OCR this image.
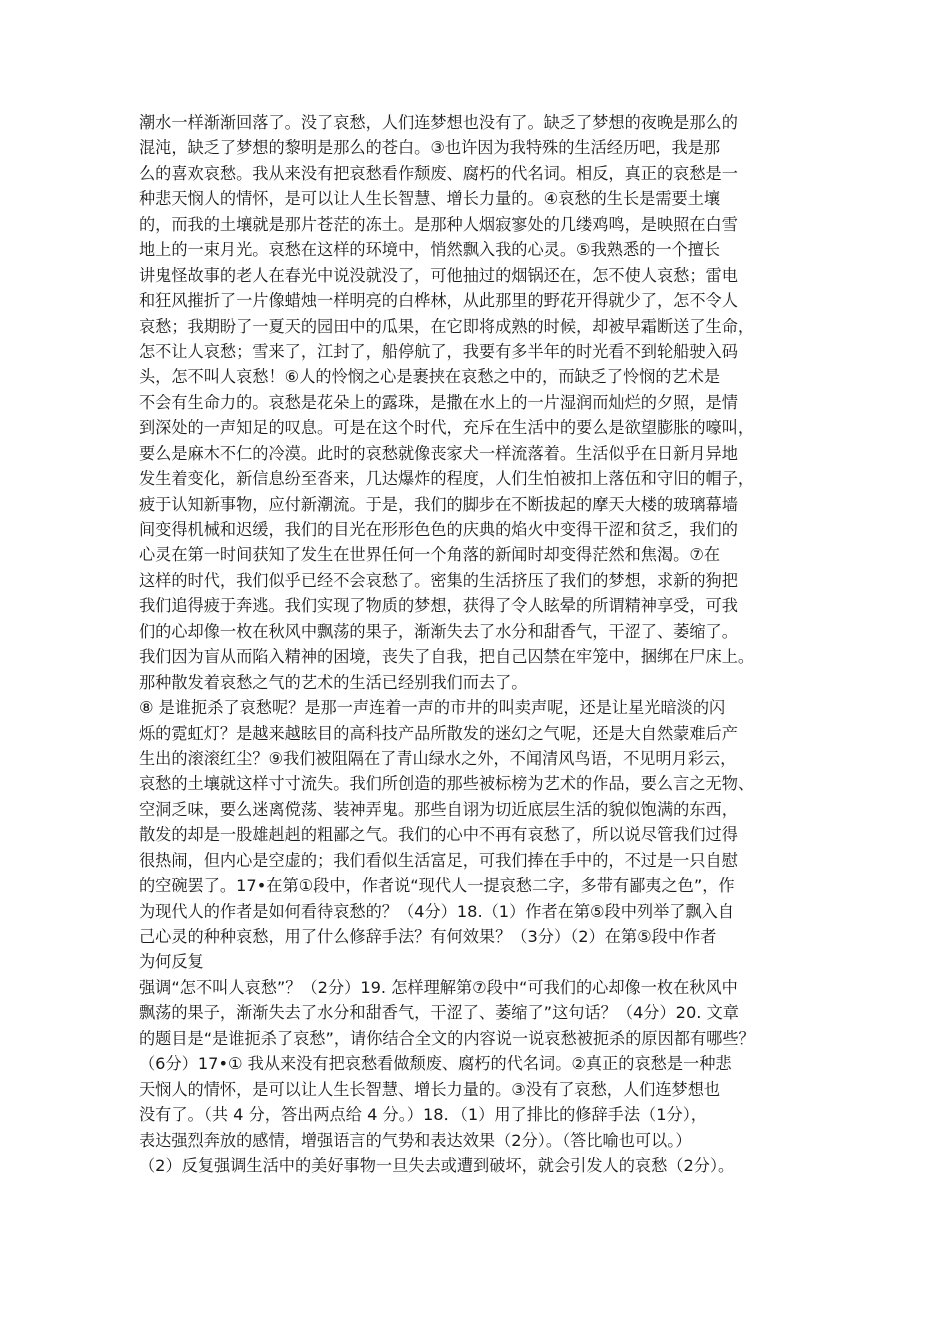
潮水一样渐渐回落了。没了哀愁，人们连梦想也没有了。缺乏了梦想的夜晚是那么的
混沌，缺乏了梦想的黎明是那么的苍白。③也许因为我特殊的生活经历吧，我是那
么的喜欢哀愁。我从来没有把哀愁看作颓废、腐朽的代名词。相反，真正的哀愁是一
种悲天悯人的情怀，是可以让人生长智慧、增长力量的。④哀愁的生长是需要土壤
的，而我的土壤就是那片苍茫的冻土。是那种人烟寂寥处的几缕鸡鸣，是映照在白雪
地上的一束月光。哀愁在这样的环境中，悄然飘入我的心灵。⑤我熟悉的一个擅长
讲鬼怪故事的老人在春光中说没就没了，可他抽过的烟锅还在，怎不使人哀愁；雷电
和狂风摧折了一片像蜡烛一样明亮的白桦林，从此那里的野花开得就少了，怎不令人
哀愁；我期盼了一夏天的园田中的瓜果，在它即将成熟的时候，却被早霜断送了生命，
怎不让人哀愁；雪来了，江封了，船停航了，我要有多半年的时光看不到轮船驶入码
头，怎不叫人哀愁！⑥人的怜悯之心是裹挟在哀愁之中的，而缺乏了怜悯的艺术是
不会有生命力的。哀愁是花朵上的露珠，是撒在水上的一片湿润而灿烂的夕照，是情
到深处的一声知足的叹息。可是在这个时代，充斥在生活中的要么是欲望膨胀的嚎叫，
要么是麻木不仁的冷漠。此时的哀愁就像丧家犬一样流落着。生活似乎在日新月异地
发生着变化，新信息纷至沓来，几达爆炸的程度，人们生怕被扣上落伍和守旧的帽子，
疲于认知新事物，应付新潮流。于是，我们的脚步在不断拔起的摩天大楼的玻璃幕墙
间变得机械和迟缓，我们的目光在形形色色的庆典的焰火中变得干涩和贫乏，我们的
心灵在第一时间获知了发生在世界任何一个角落的新闻时却变得茫然和焦渴。⑦在
这样的时代，我们似乎已经不会哀愁了。密集的生活挤压了我们的梦想，求新的狗把
我们追得疲于奔逃。我们实现了物质的梦想，获得了令人眩晕的所谓精神享受，可我
们的心却像一枚在秋风中飘荡的果子，渐渐失去了水分和甜香气，干涩了、萎缩了。
我们因为盲从而陷入精神的困境，丧失了自我，把自己囚禁在牢笼中，捆绑在尸床上。
那种散发着哀愁之气的艺术的生活已经别我们而去了。
⑧ 是谁扼杀了哀愁呢？是那一声连着一声的市井的叫卖声呢，还是让星光暗淡的闪
烁的霓虹灯？是越来越眩目的高科技产品所散发的迷幻之气呢，还是大自然蒙难后产
生出的滚滚红尘？⑨我们被阻隔在了青山绿水之外，不闻清风鸟语，不见明月彩云，
哀愁的土壤就这样寸寸流失。我们所创造的那些被标榜为艺术的作品，要么言之无物、
空洞乏味，要么迷离傥荡、装神弄鬼。那些自诩为切近底层生活的貌似饱满的东西，
散发的却是一股雄赳赳的粗鄙之气。我们的心中不再有哀愁了，所以说尽管我们过得
很热闹，但内心是空虚的；我们看似生活富足，可我们捧在手中的，不过是一只自慰
的空碗罢了。17•在第①段中，作者说“现代人一提哀愁二字，多带有鄙夷之色”，作
为现代人的作者是如何看待哀愁的？（4分）18.（1）作者在第⑤段中列举了飘入自
己心灵的种种哀愁，用了什么修辞手法？有何效果？（3分）（2）在第⑤段中作者
为何反复
强调“怎不叫人哀愁”？（2分）19. 怎样理解第⑦段中“可我们的心却像一枚在秋风中
飘荡的果子，渐渐失去了水分和甜香气，干涩了、萎缩了”这句话？（4分）20. 文章
的题目是“是谁扼杀了哀愁”，请你结合全文的内容说一说哀愁被扼杀的原因都有哪些？
（6分）17•① 我从来没有把哀愁看做颓废、腐朽的代名词。②真正的哀愁是一种悲
天悯人的情怀，是可以让人生长智慧、增长力量的。③没有了哀愁，人们连梦想也
没有了。（共 4 分，答出两点给 4 分。）18．（1）用了排比的修辞手法（1分），
表达强烈奔放的感情，增强语言的气势和表达效果（2分）。（答比喻也可以。）
（2）反复强调生活中的美好事物一旦失去或遭到破坏，就会引发人的哀愁（2分）。
